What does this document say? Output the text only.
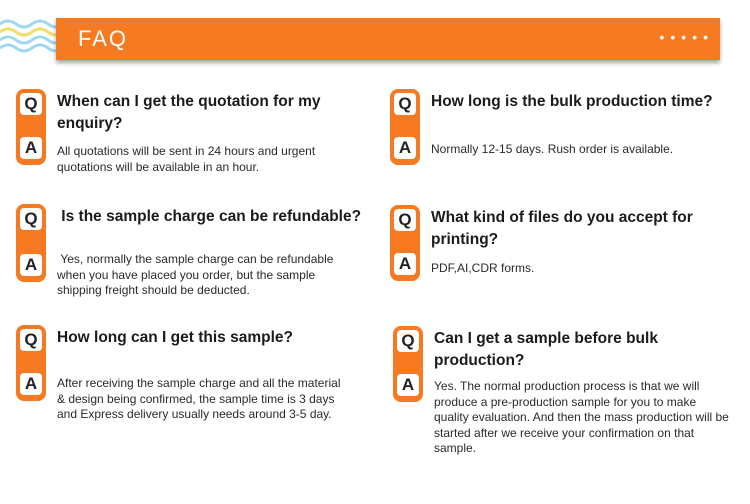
FAQ	•••••
Q
A
When can I get the quotation for my enquiry?
All quotations will be sent in 24 hours and urgent quotations will be available in an hour.
Q
A
How long is the bulk production time?
Normally 12-15 days. Rush order is available.
Q
A
Is the sample charge can be refundable?
Yes, normally the sample charge can be refundable when you have placed you order, but the sample shipping freight should be deducted.
Q
A
What kind of files do you accept for printing?
PDF,AI,CDR forms.
Q
A
How long can I get this sample?
After receiving the sample charge and all the material & design being confirmed, the sample time is 3 days and Express delivery usually needs around 3-5 day.
Q
A
Can I get a sample before bulk production?
Yes. The normal production process is that we will produce a pre-production sample for you to make quality evaluation. And then the mass production will be started after we receive your confirmation on that sample.
